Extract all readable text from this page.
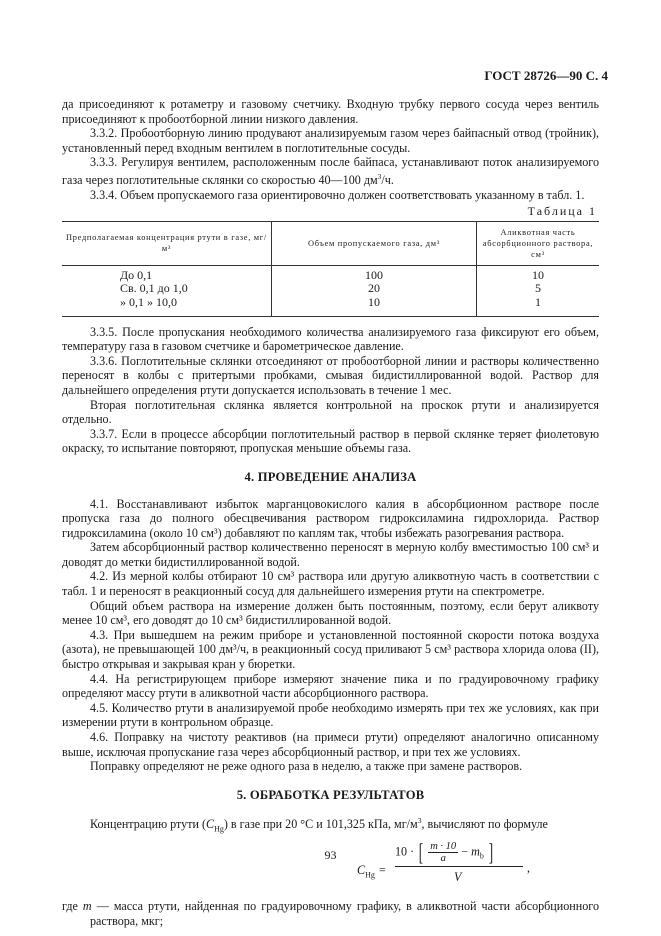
ГОСТ 28726—90 С. 4

да присоединяют к ротаметру и газовому счетчику. Входную трубку первого сосуда через вентиль присоединяют к пробоотборной линии низкого давления.

3.3.2. Пробоотборную линию продувают анализируемым газом через байпасный отвод (тройник), установленный перед входным вентилем в поглотительные сосуды.

3.3.3. Регулируя вентилем, расположенным после байпаса, устанавливают поток анализируемого газа через поглотительные склянки со скоростью 40—100 $дм^3/ч$.

3.3.4. Объем пропускаемого газа ориентировочно должен соответствовать указанному в табл. 1.

Таблица 1
Предполагаемая концентрация ртути в газе, мг/м³	Объем пропускаемого газа, дм³	Аликвотная часть абсорбционного раствора, см³
До 0,1	100	10
Св. 0,1 до 1,0	20	5
» 0,1 » 10,0	10	1

3.3.5. После пропускания необходимого количества анализируемого газа фиксируют его объем, температуру газа в газовом счетчике и барометрическое давление.

3.3.6. Поглотительные склянки отсоединяют от пробоотборной линии и растворы количественно переносят в колбы с притертыми пробками, смывая бидистиллированной водой. Раствор для дальнейшего определения ртути допускается использовать в течение 1 мес.

Вторая поглотительная склянка является контрольной на проскок ртути и анализируется отдельно.

3.3.7. Если в процессе абсорбции поглотительный раствор в первой склянке теряет фиолетовую окраску, то испытание повторяют, пропуская меньшие объемы газа.

4. ПРОВЕДЕНИЕ АНАЛИЗА

4.1. Восстанавливают избыток марганцовокислого калия в абсорбционном растворе после пропуска газа до полного обесцвечивания раствором гидроксиламина гидрохлорида. Раствор гидроксиламина (около 10 см³) добавляют по каплям так, чтобы избежать разогревания раствора.

Затем абсорбционный раствор количественно переносят в мерную колбу вместимостью 100 см³ и доводят до метки бидистиллированной водой.

4.2. Из мерной колбы отбирают 10 см³ раствора или другую аликвотную часть в соответствии с табл. 1 и переносят в реакционный сосуд для дальнейшего измерения ртути на спектрометре.

Общий объем раствора на измерение должен быть постоянным, поэтому, если берут аликвоту менее 10 см³, его доводят до 10 см³ бидистиллированной водой.

4.3. При вышедшем на режим приборе и установленной постоянной скорости потока воздуха (азота), не превышающей 100 дм³/ч, в реакционный сосуд приливают 5 см³ раствора хлорида олова (II), быстро открывая и закрывая кран у бюретки.

4.4. На регистрирующем приборе измеряют значение пика и по градуировочному графику определяют массу ртути в аликвотной части абсорбционного раствора.

4.5. Количество ртути в анализируемой пробе необходимо измерять при тех же условиях, как при измерении ртути в контрольном образце.

4.6. Поправку на чистоту реактивов (на примеси ртути) определяют аналогично описанному выше, исключая пропускание газа через абсорбционный раствор, и при тех же условиях.

Поправку определяют не реже одного раза в неделю, а также при замене растворов.

5. ОБРАБОТКА РЕЗУЛЬТАТОВ

Концентрацию ртути $(C_{Hg})$ в газе при 20 °С и 101,325 кПа, $мг/м^3$, вычисляют по формуле

$C_{Hg}$ =
10 · [ $\frac{m \cdot 10}{a} - m_b$ ]
V
,

где m — масса ртути, найденная по градуировочному графику, в аликвотной части абсорбционного раствора, мкг;

93
